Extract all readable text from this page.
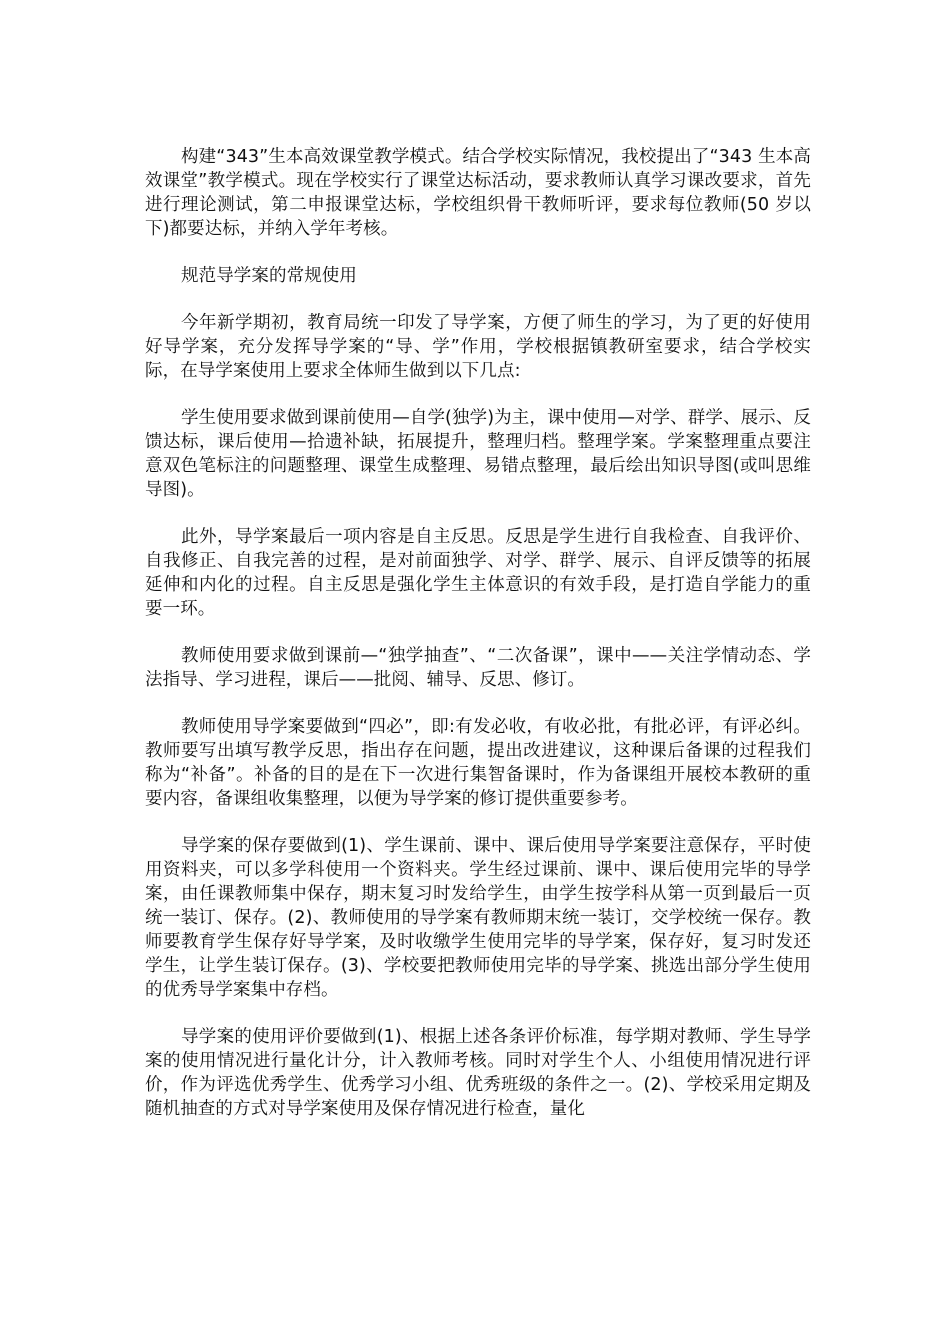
构建“343”生本高效课堂教学模式。结合学校实际情况，我校提出了“343 生本高效课堂”教学模式。现在学校实行了课堂达标活动，要求教师认真学习课改要求，首先进行理论测试，第二申报课堂达标，学校组织骨干教师听评，要求每位教师(50 岁以下)都要达标，并纳入学年考核。

规范导学案的常规使用

今年新学期初，教育局统一印发了导学案，方便了师生的学习，为了更的好使用好导学案，充分发挥导学案的“导、学”作用，学校根据镇教研室要求，结合学校实际，在导学案使用上要求全体师生做到以下几点:

学生使用要求做到课前使用—自学(独学)为主，课中使用—对学、群学、展示、反馈达标，课后使用—拾遗补缺，拓展提升，整理归档。整理学案。学案整理重点要注意双色笔标注的问题整理、课堂生成整理、易错点整理，最后绘出知识导图(或叫思维导图)。

此外，导学案最后一项内容是自主反思。反思是学生进行自我检查、自我评价、自我修正、自我完善的过程，是对前面独学、对学、群学、展示、自评反馈等的拓展延伸和内化的过程。自主反思是强化学生主体意识的有效手段，是打造自学能力的重要一环。

教师使用要求做到课前—“独学抽查”、“二次备课”，课中——关注学情动态、学法指导、学习进程，课后——批阅、辅导、反思、修订。

教师使用导学案要做到“四必”，即:有发必收，有收必批，有批必评，有评必纠。教师要写出填写教学反思，指出存在问题，提出改进建议，这种课后备课的过程我们称为“补备”。补备的目的是在下一次进行集智备课时，作为备课组开展校本教研的重要内容，备课组收集整理，以便为导学案的修订提供重要参考。

导学案的保存要做到(1)、学生课前、课中、课后使用导学案要注意保存，平时使用资料夹，可以多学科使用一个资料夹。学生经过课前、课中、课后使用完毕的导学案，由任课教师集中保存，期末复习时发给学生，由学生按学科从第一页到最后一页统一装订、保存。(2)、教师使用的导学案有教师期末统一装订，交学校统一保存。教师要教育学生保存好导学案，及时收缴学生使用完毕的导学案，保存好，复习时发还学生，让学生装订保存。(3)、学校要把教师使用完毕的导学案、挑选出部分学生使用的优秀导学案集中存档。

导学案的使用评价要做到(1)、根据上述各条评价标准，每学期对教师、学生导学案的使用情况进行量化计分，计入教师考核。同时对学生个人、小组使用情况进行评价，作为评选优秀学生、优秀学习小组、优秀班级的条件之一。(2)、学校采用定期及随机抽查的方式对导学案使用及保存情况进行检查，量化
